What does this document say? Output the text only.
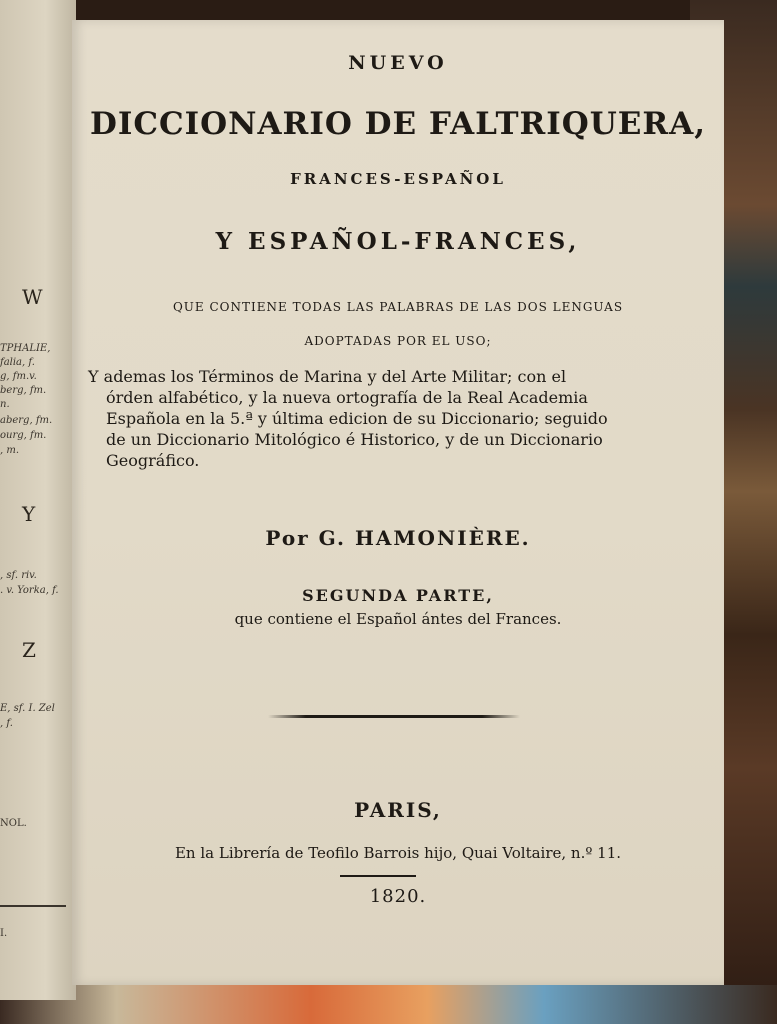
W
TPHALIE,
falia, f.
g, fm.v.
berg, fm.
n.
aberg, fm.
ourg, fm.
, m.
Y
, sf. riv.
. v. Yorka, f.
Z
E, sf. I. Zel
, f.
NOL.
I.
NUEVO
DICCIONARIO DE FALTRIQUERA,
FRANCES-ESPAÑOL
Y ESPAÑOL-FRANCES,
QUE CONTIENE TODAS LAS PALABRAS DE LAS DOS LENGUAS
ADOPTADAS POR EL USO;
Y ademas los Términos de Marina y del Arte Militar; con el
órden alfabético, y la nueva ortografía de la Real Academia
Española en la 5.ª y última edicion de su Diccionario; seguido
de un Diccionario Mitológico é Historico, y de un Diccionario
Geográfico.
Por G. HAMONIÈRE.
SEGUNDA PARTE,
que contiene el Español ántes del Frances.
PARIS,
En la Librería de Teofilo Barrois hijo, Quai Voltaire, n.º 11.
1820.
